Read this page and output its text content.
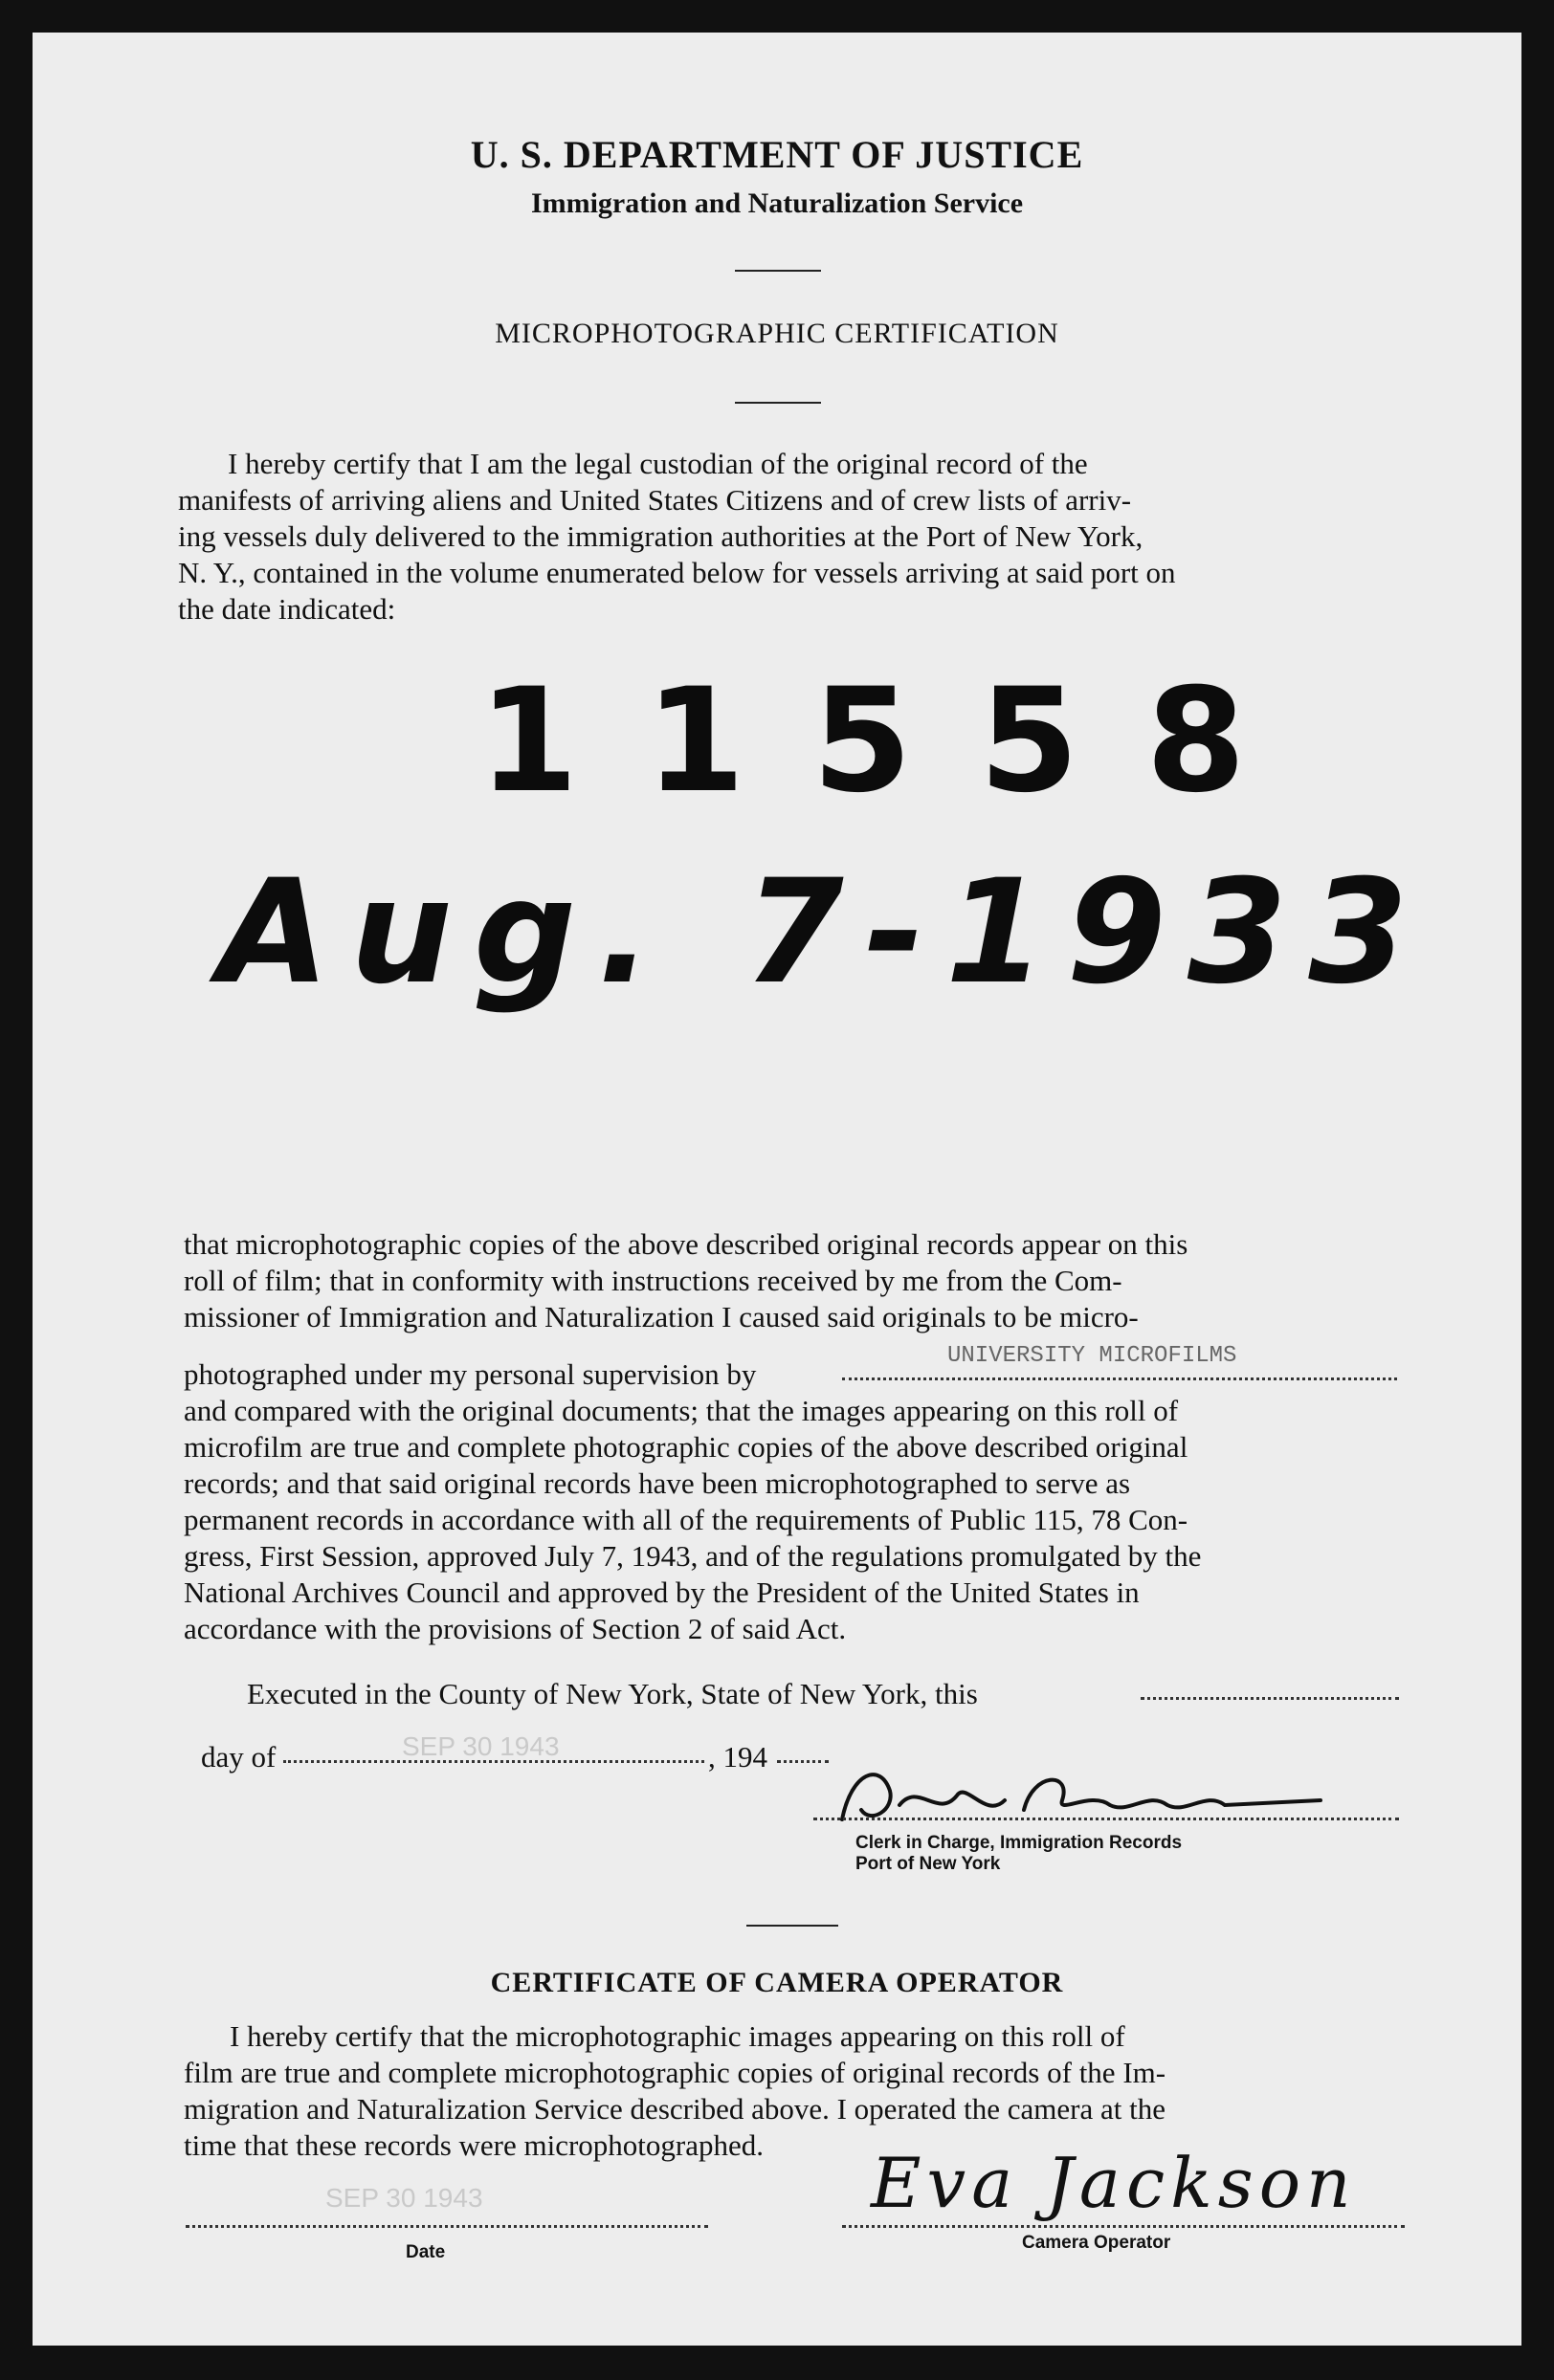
U. S. DEPARTMENT OF JUSTICE
Immigration and Naturalization Service
MICROPHOTOGRAPHIC CERTIFICATION
I hereby certify that I am the legal custodian of the original record of the
manifests of arriving aliens and United States Citizens and of crew lists of arriv-
ing vessels duly delivered to the immigration authorities at the Port of New York,
N. Y., contained in the volume enumerated below for vessels arriving at said port on
the date indicated:
11558
Aug. 7-1933
that microphotographic copies of the above described original records appear on this
roll of film; that in conformity with instructions received by me from the Com-
missioner of Immigration and Naturalization I caused said originals to be micro-
photographed under my personal supervision by
UNIVERSITY MICROFILMS
and compared with the original documents; that the images appearing on this roll of
microfilm are true and complete photographic copies of the above described original
records; and that said original records have been microphotographed to serve as
permanent records in accordance with all of the requirements of Public 115, 78 Con-
gress, First Session, approved July 7, 1943, and of the regulations promulgated by the
National Archives Council and approved by the President of the United States in
accordance with the provisions of Section 2 of said Act.
Executed in the County of New York, State of New York, this
day of	SEP 30 1943	, 194
Clerk in Charge, Immigration Records
Port of New York
CERTIFICATE OF CAMERA OPERATOR
I hereby certify that the microphotographic images appearing on this roll of
film are true and complete microphotographic copies of original records of the Im-
migration and Naturalization Service described above. I operated the camera at the
time that these records were microphotographed.
SEP 30 1943
Date
Eva Jackson
Camera Operator
